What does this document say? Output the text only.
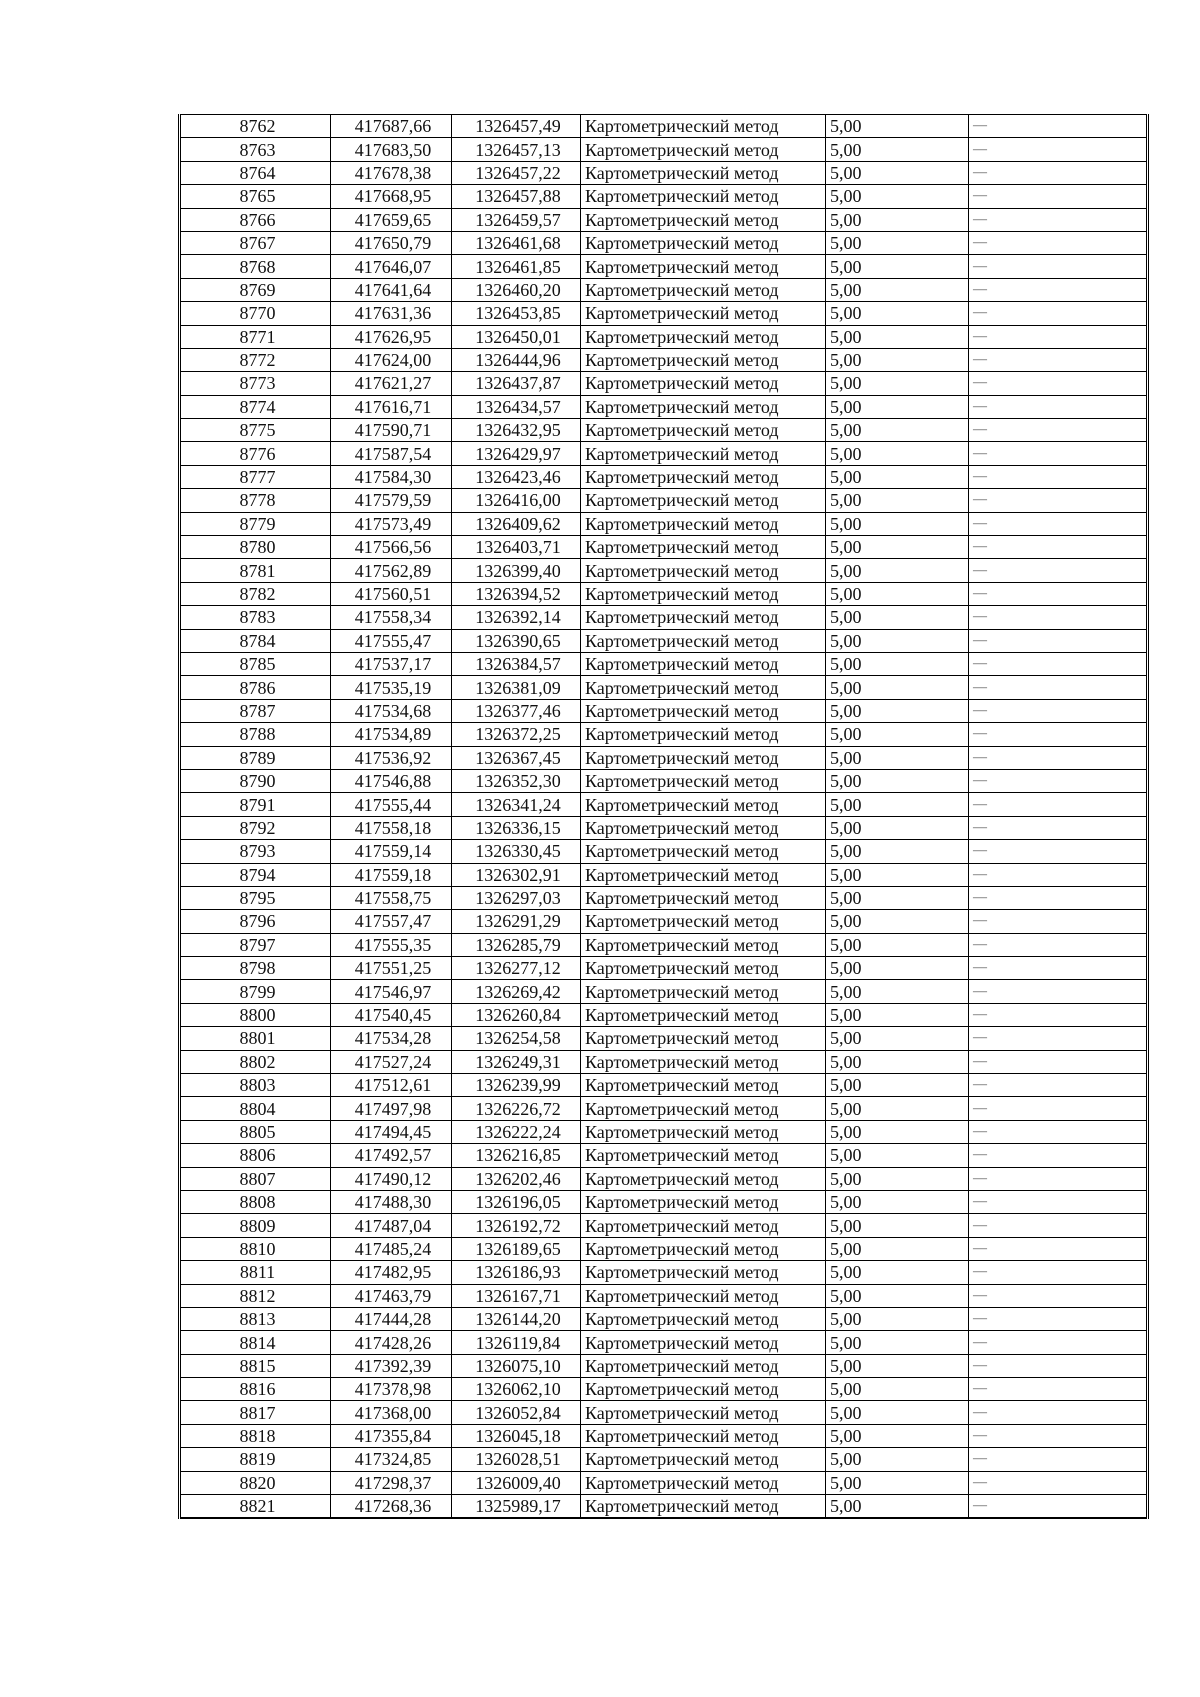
8762	417687,66	1326457,49	Картометрический метод	5,00	—
8763	417683,50	1326457,13	Картометрический метод	5,00	—
8764	417678,38	1326457,22	Картометрический метод	5,00	—
8765	417668,95	1326457,88	Картометрический метод	5,00	—
8766	417659,65	1326459,57	Картометрический метод	5,00	—
8767	417650,79	1326461,68	Картометрический метод	5,00	—
8768	417646,07	1326461,85	Картометрический метод	5,00	—
8769	417641,64	1326460,20	Картометрический метод	5,00	—
8770	417631,36	1326453,85	Картометрический метод	5,00	—
8771	417626,95	1326450,01	Картометрический метод	5,00	—
8772	417624,00	1326444,96	Картометрический метод	5,00	—
8773	417621,27	1326437,87	Картометрический метод	5,00	—
8774	417616,71	1326434,57	Картометрический метод	5,00	—
8775	417590,71	1326432,95	Картометрический метод	5,00	—
8776	417587,54	1326429,97	Картометрический метод	5,00	—
8777	417584,30	1326423,46	Картометрический метод	5,00	—
8778	417579,59	1326416,00	Картометрический метод	5,00	—
8779	417573,49	1326409,62	Картометрический метод	5,00	—
8780	417566,56	1326403,71	Картометрический метод	5,00	—
8781	417562,89	1326399,40	Картометрический метод	5,00	—
8782	417560,51	1326394,52	Картометрический метод	5,00	—
8783	417558,34	1326392,14	Картометрический метод	5,00	—
8784	417555,47	1326390,65	Картометрический метод	5,00	—
8785	417537,17	1326384,57	Картометрический метод	5,00	—
8786	417535,19	1326381,09	Картометрический метод	5,00	—
8787	417534,68	1326377,46	Картометрический метод	5,00	—
8788	417534,89	1326372,25	Картометрический метод	5,00	—
8789	417536,92	1326367,45	Картометрический метод	5,00	—
8790	417546,88	1326352,30	Картометрический метод	5,00	—
8791	417555,44	1326341,24	Картометрический метод	5,00	—
8792	417558,18	1326336,15	Картометрический метод	5,00	—
8793	417559,14	1326330,45	Картометрический метод	5,00	—
8794	417559,18	1326302,91	Картометрический метод	5,00	—
8795	417558,75	1326297,03	Картометрический метод	5,00	—
8796	417557,47	1326291,29	Картометрический метод	5,00	—
8797	417555,35	1326285,79	Картометрический метод	5,00	—
8798	417551,25	1326277,12	Картометрический метод	5,00	—
8799	417546,97	1326269,42	Картометрический метод	5,00	—
8800	417540,45	1326260,84	Картометрический метод	5,00	—
8801	417534,28	1326254,58	Картометрический метод	5,00	—
8802	417527,24	1326249,31	Картометрический метод	5,00	—
8803	417512,61	1326239,99	Картометрический метод	5,00	—
8804	417497,98	1326226,72	Картометрический метод	5,00	—
8805	417494,45	1326222,24	Картометрический метод	5,00	—
8806	417492,57	1326216,85	Картометрический метод	5,00	—
8807	417490,12	1326202,46	Картометрический метод	5,00	—
8808	417488,30	1326196,05	Картометрический метод	5,00	—
8809	417487,04	1326192,72	Картометрический метод	5,00	—
8810	417485,24	1326189,65	Картометрический метод	5,00	—
8811	417482,95	1326186,93	Картометрический метод	5,00	—
8812	417463,79	1326167,71	Картометрический метод	5,00	—
8813	417444,28	1326144,20	Картометрический метод	5,00	—
8814	417428,26	1326119,84	Картометрический метод	5,00	—
8815	417392,39	1326075,10	Картометрический метод	5,00	—
8816	417378,98	1326062,10	Картометрический метод	5,00	—
8817	417368,00	1326052,84	Картометрический метод	5,00	—
8818	417355,84	1326045,18	Картометрический метод	5,00	—
8819	417324,85	1326028,51	Картометрический метод	5,00	—
8820	417298,37	1326009,40	Картометрический метод	5,00	—
8821	417268,36	1325989,17	Картометрический метод	5,00	—
